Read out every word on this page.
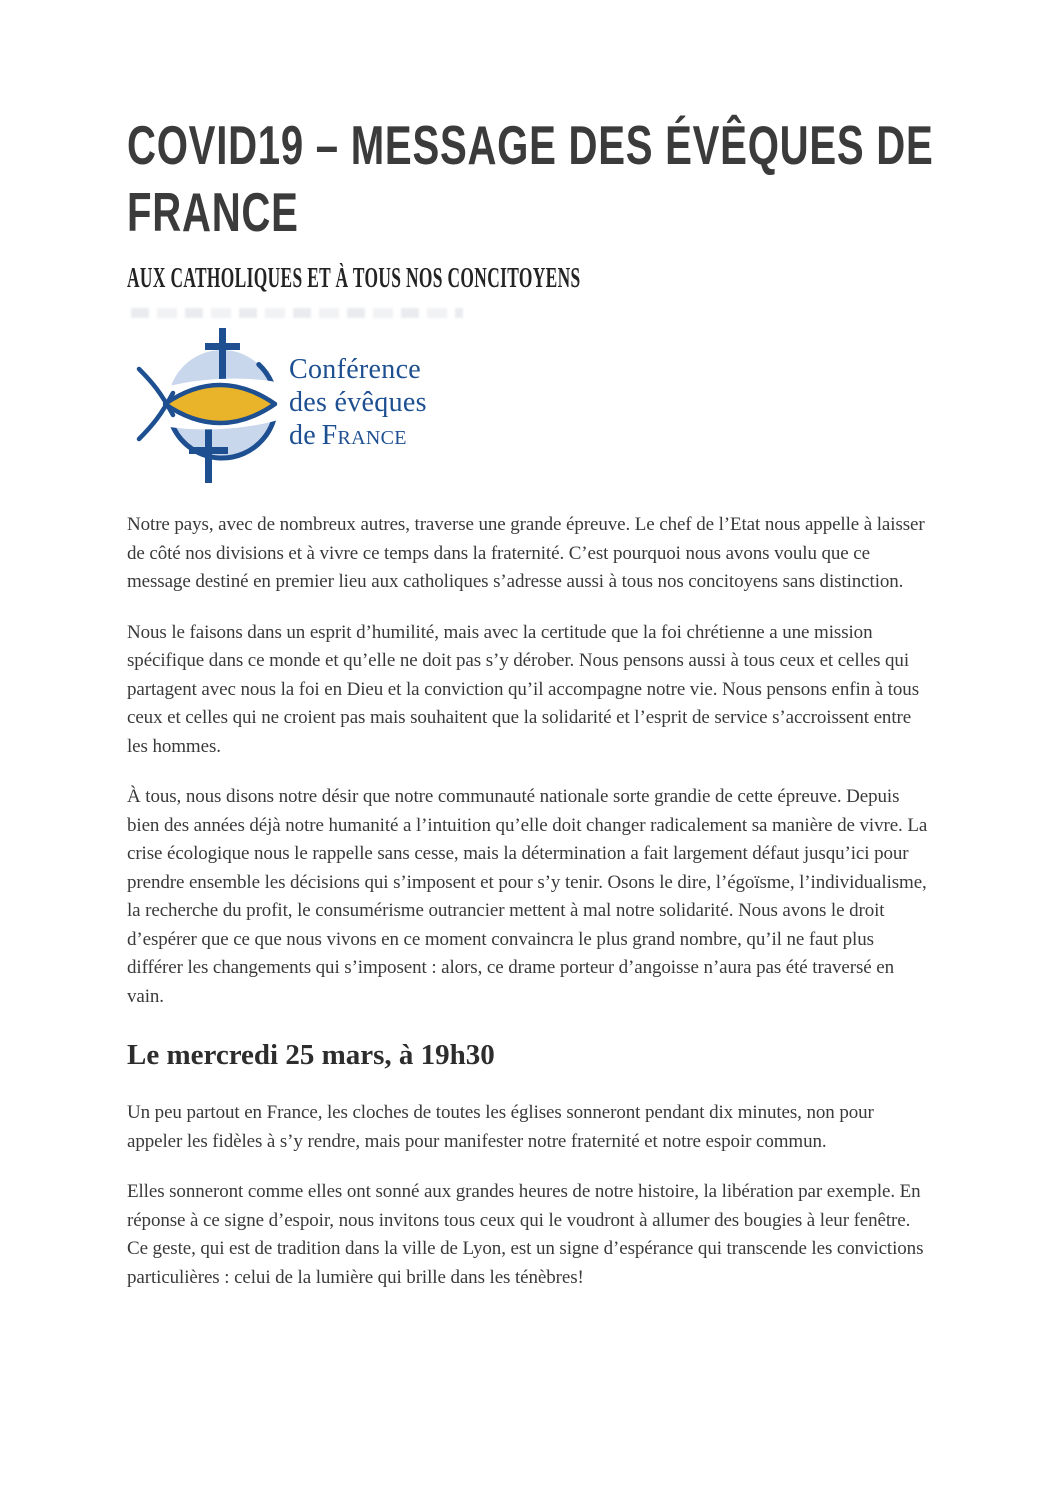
COVID19 – MESSAGE DES ÉVÊQUES DE
FRANCE
AUX CATHOLIQUES ET À TOUS NOS CONCITOYENS
Conférence
des évêques
de France

Notre pays, avec de nombreux autres, traverse une grande épreuve. Le chef de l’Etat nous appelle à laisser de côté nos divisions et à vivre ce temps dans la fraternité. C’est pourquoi nous avons voulu que ce message destiné en premier lieu aux catholiques s’adresse aussi à tous nos concitoyens sans distinction.

Nous le faisons dans un esprit d’humilité, mais avec la certitude que la foi chrétienne a une mission spécifique dans ce monde et qu’elle ne doit pas s’y dérober. Nous pensons aussi à tous ceux et celles qui partagent avec nous la foi en Dieu et la conviction qu’il accompagne notre vie. Nous pensons enfin à tous ceux et celles qui ne croient pas mais souhaitent que la solidarité et l’esprit de service s’accroissent entre les hommes.

À tous, nous disons notre désir que notre communauté nationale sorte grandie de cette épreuve. Depuis bien des années déjà notre humanité a l’intuition qu’elle doit changer radicalement sa manière de vivre. La crise écologique nous le rappelle sans cesse, mais la détermination a fait largement défaut jusqu’ici pour prendre ensemble les décisions qui s’imposent et pour s’y tenir. Osons le dire, l’égoïsme, l’individualisme, la recherche du profit, le consumérisme outrancier mettent à mal notre solidarité. Nous avons le droit d’espérer que ce que nous vivons en ce moment convaincra le plus grand nombre, qu’il ne faut plus différer les changements qui s’imposent : alors, ce drame porteur d’angoisse n’aura pas été traversé en vain.

Le mercredi 25 mars, à 19h30

Un peu partout en France, les cloches de toutes les églises sonneront pendant dix minutes, non pour appeler les fidèles à s’y rendre, mais pour manifester notre fraternité et notre espoir commun.

Elles sonneront comme elles ont sonné aux grandes heures de notre histoire, la libération par exemple. En réponse à ce signe d’espoir, nous invitons tous ceux qui le voudront à allumer des bougies à leur fenêtre. Ce geste, qui est de tradition dans la ville de Lyon, est un signe d’espérance qui transcende les convictions particulières : celui de la lumière qui brille dans les ténèbres!
